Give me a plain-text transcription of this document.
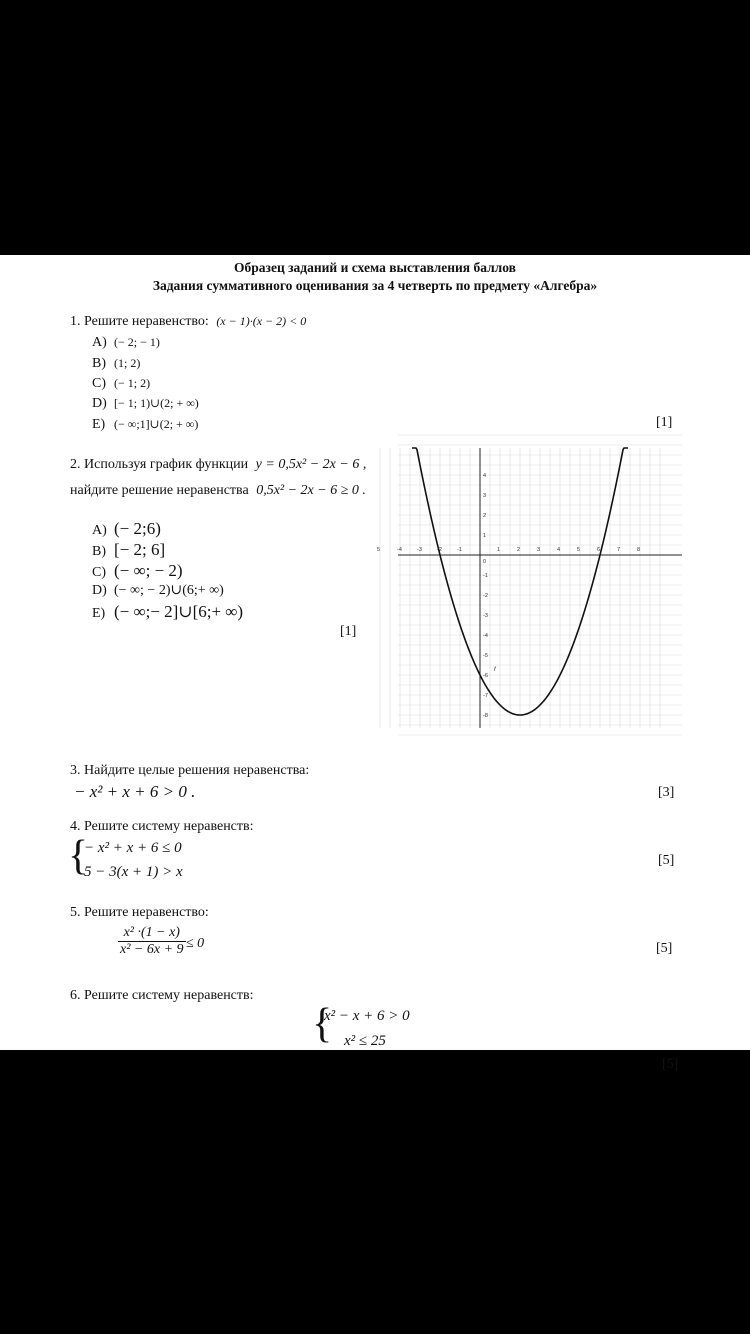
Образец заданий и схема выставления баллов
Задания суммативного оценивания за 4 четверть по предмету «Алгебра»
1. Решите неравенство: (x − 1)·(x − 2) < 0
A) (− 2; − 1)
B) (1; 2)
C) (− 1; 2)
D) [− 1; 1)∪(2; + ∞)
E) (− ∞;1]∪(2; + ∞)	[1]
2. Используя график функции y = 0,5x² − 2x − 6 ,
найдите решение неравенства 0,5x² − 2x − 6 ≥ 0 .
A) (− 2;6)
B) [− 2; 6]
C) (− ∞; − 2)
D) (− ∞; − 2)∪(6;+ ∞)
E) (− ∞;− 2]∪[6;+ ∞)
[1]
5	-4	-3	-2	-1	1	2	3	4	5	6	7	8
4
3
2
1
-1
-2
-3
-4
-5
-6
-7
-8
0
f
3. Найдите целые решения неравенства:
− x² + x + 6 > 0 .	[3]
4. Решите систему неравенств:
{
− x² + x + 6 ≤ 0
5 − 3(x + 1) > x
[5]
5. Решите неравенство:
$\frac{\text{x² ·(1 − x)}}{\text{x² − 6x + 9}} \le 0$	[5]
6. Решите систему неравенств:
{
x² − x + 6 > 0
x² ≤ 25
[5]
